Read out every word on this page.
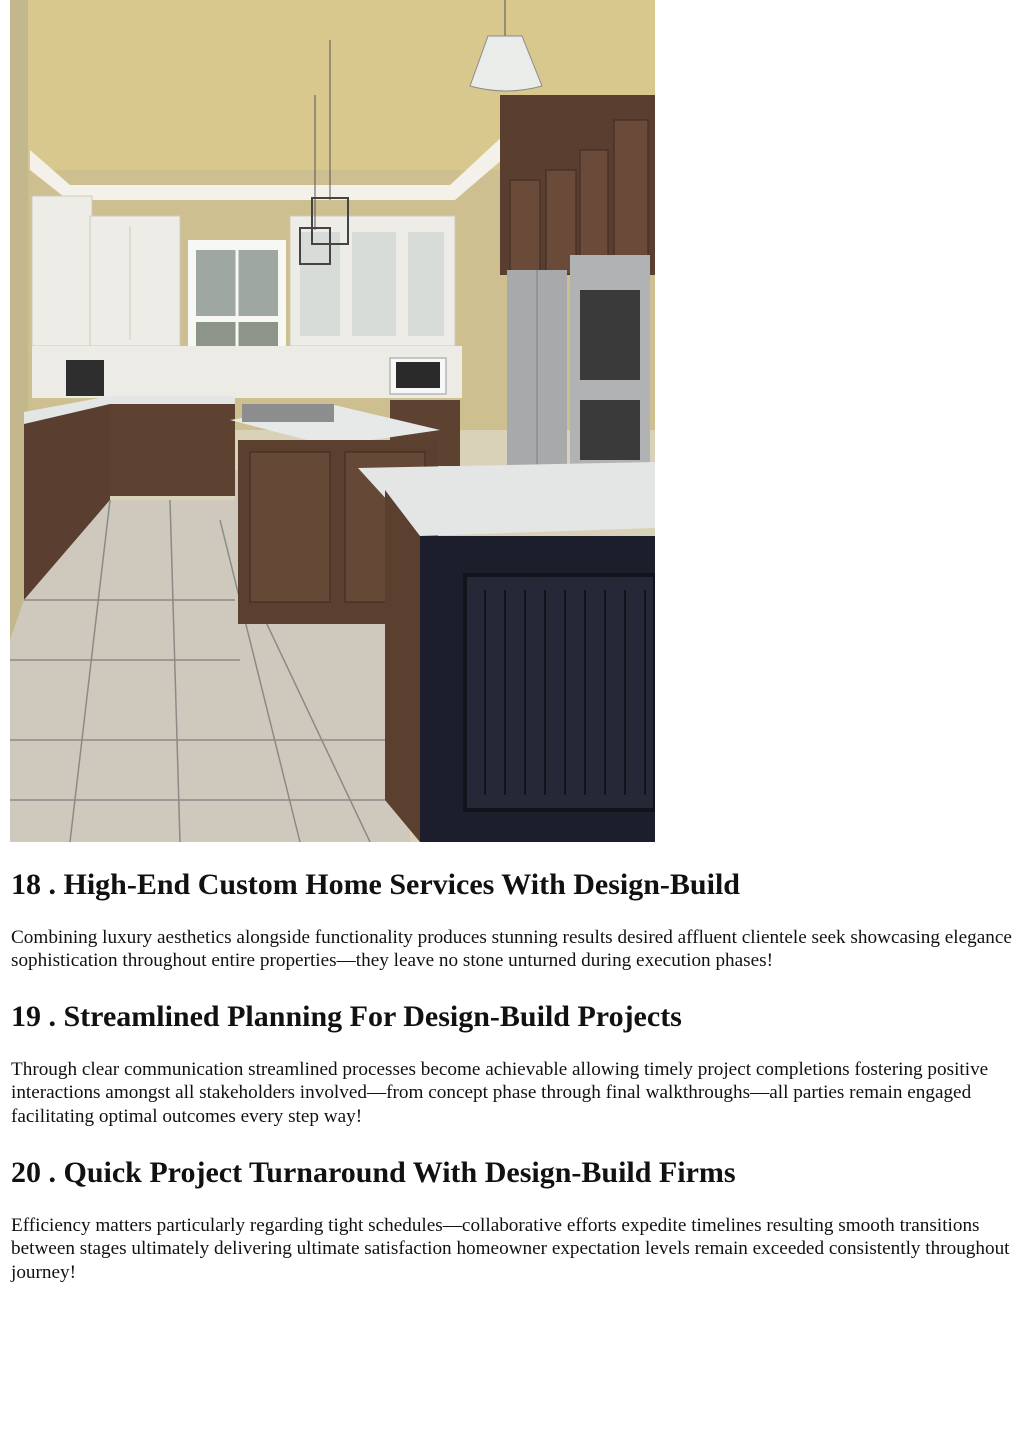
18 . High-End Custom Home Services With Design-Build

Combining luxury aesthetics alongside functionality produces stunning results desired affluent clientele seek showcasing elegance sophistication throughout entire properties—they leave no stone unturned during execution phases!

19 . Streamlined Planning For Design-Build Projects

Through clear communication streamlined processes become achievable allowing timely project completions fostering positive interactions amongst all stakeholders involved—from concept phase through final walkthroughs—all parties remain engaged facilitating optimal outcomes every step way!

20 . Quick Project Turnaround With Design-Build Firms

Efficiency matters particularly regarding tight schedules—collaborative efforts expedite timelines resulting smooth transitions between stages ultimately delivering ultimate satisfaction homeowner expectation levels remain exceeded consistently throughout journey!
